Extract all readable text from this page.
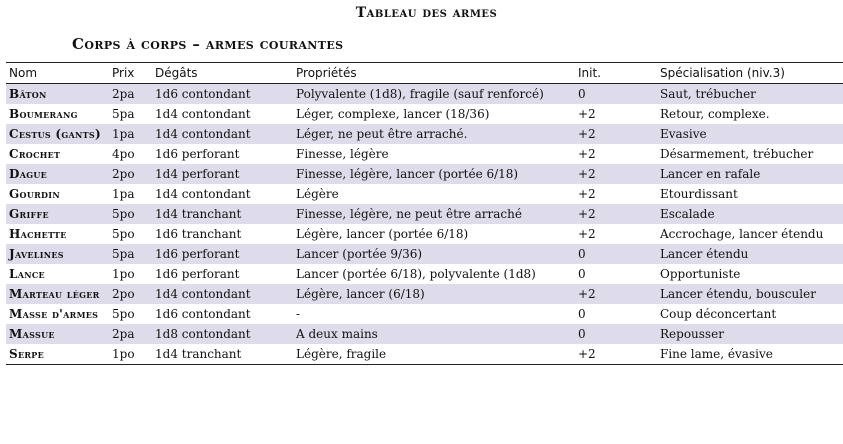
Tableau des armes
Corps à corps – armes courantes
Nom	Prix	Dégâts	Propriétés	Init.	Spécialisation (niv.3)
Bâton	2pa	1d6 contondant	Polyvalente (1d8), fragile (sauf renforcé)	0	Saut, trébucher
Boumerang	5pa	1d4 contondant	Léger, complexe, lancer (18/36)	+2	Retour, complexe.
Cestus (gants)	1pa	1d4 contondant	Léger, ne peut être arraché.	+2	Evasive
Crochet	4po	1d6 perforant	Finesse, légère	+2	Désarmement, trébucher
Dague	2po	1d4 perforant	Finesse, légère, lancer (portée 6/18)	+2	Lancer en rafale
Gourdin	1pa	1d4 contondant	Légère	+2	Etourdissant
Griffe	5po	1d4 tranchant	Finesse, légère, ne peut être arraché	+2	Escalade
Hachette	5po	1d6 tranchant	Légère, lancer (portée 6/18)	+2	Accrochage, lancer étendu
Javelines	5pa	1d6 perforant	Lancer (portée 9/36)	0	Lancer étendu
Lance	1po	1d6 perforant	Lancer (portée 6/18), polyvalente (1d8)	0	Opportuniste
Marteau léger	2po	1d4 contondant	Légère, lancer (6/18)	+2	Lancer étendu, bousculer
Masse d'armes	5po	1d6 contondant	-	0	Coup déconcertant
Massue	2pa	1d8 contondant	A deux mains	0	Repousser
Serpe	1po	1d4 tranchant	Légère, fragile	+2	Fine lame, évasive
